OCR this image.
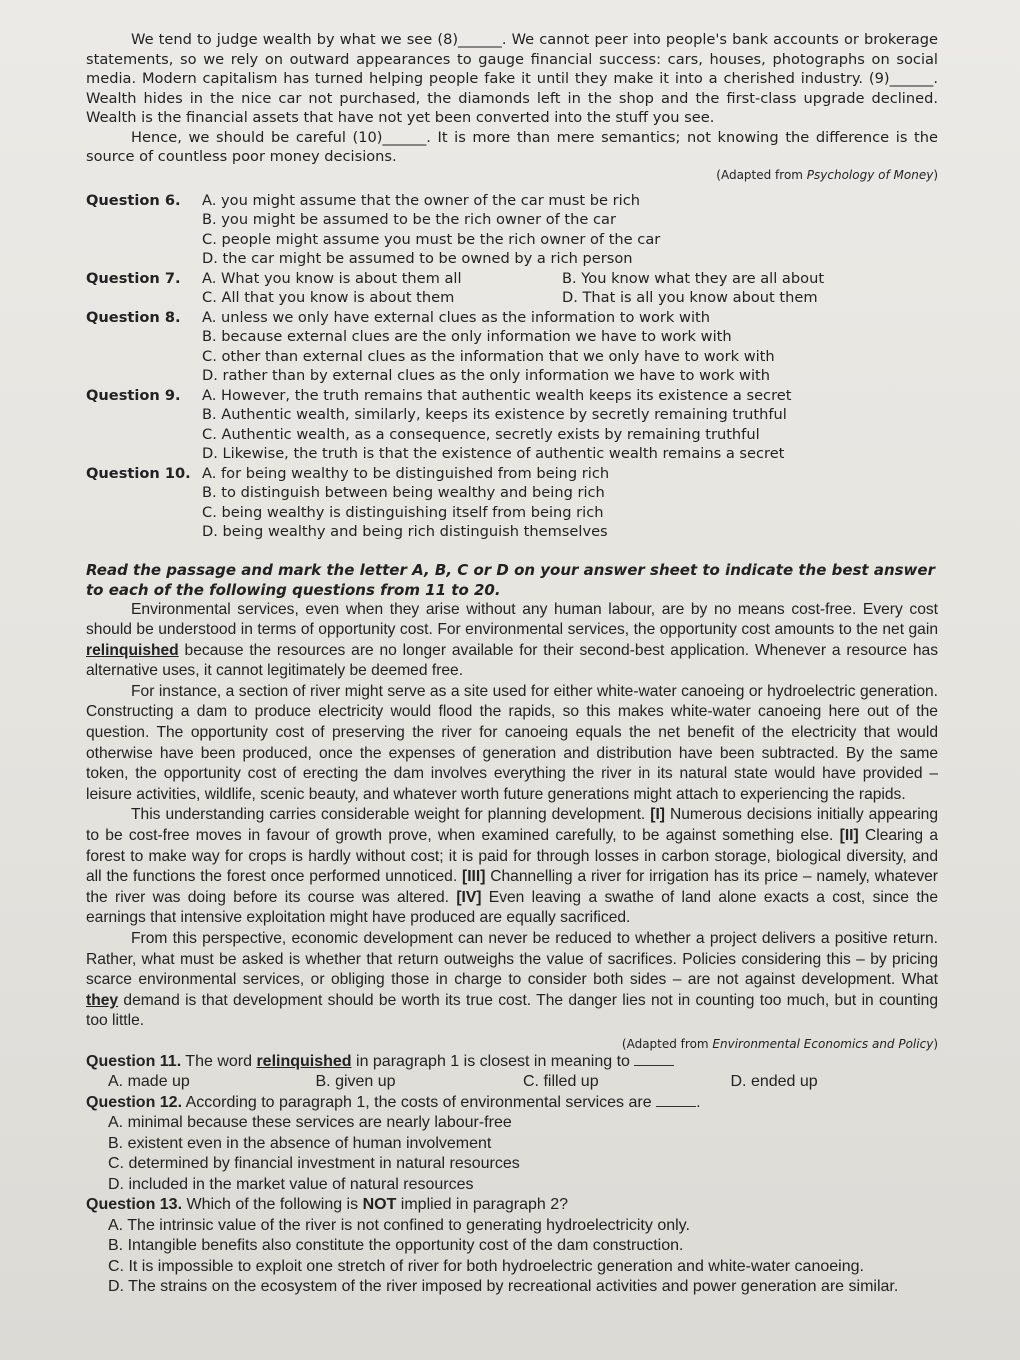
We tend to judge wealth by what we see (8)______. We cannot peer into people's bank accounts or brokerage statements, so we rely on outward appearances to gauge financial success: cars, houses, photographs on social media. Modern capitalism has turned helping people fake it until they make it into a cherished industry. (9)______. Wealth hides in the nice car not purchased, the diamonds left in the shop and the first-class upgrade declined. Wealth is the financial assets that have not yet been converted into the stuff you see.

Hence, we should be careful (10)______. It is more than mere semantics; not knowing the difference is the source of countless poor money decisions.

(Adapted from Psychology of Money)

Question 6.	A. you might assume that the owner of the car must be rich
B. you might be assumed to be the rich owner of the car
C. people might assume you must be the rich owner of the car
D. the car might be assumed to be owned by a rich person
Question 7.	A. What you know is about them all	B. You know what they are all about
C. All that you know is about them	D. That is all you know about them
Question 8.	A. unless we only have external clues as the information to work with
B. because external clues are the only information we have to work with
C. other than external clues as the information that we only have to work with
D. rather than by external clues as the only information we have to work with
Question 9.	A. However, the truth remains that authentic wealth keeps its existence a secret
B. Authentic wealth, similarly, keeps its existence by secretly remaining truthful
C. Authentic wealth, as a consequence, secretly exists by remaining truthful
D. Likewise, the truth is that the existence of authentic wealth remains a secret
Question 10. A. for being wealthy to be distinguished from being rich
B. to distinguish between being wealthy and being rich
C. being wealthy is distinguishing itself from being rich
D. being wealthy and being rich distinguish themselves

Read the passage and mark the letter A, B, C or D on your answer sheet to indicate the best answer to each of the following questions from 11 to 20.

Environmental services, even when they arise without any human labour, are by no means cost-free. Every cost should be understood in terms of opportunity cost. For environmental services, the opportunity cost amounts to the net gain relinquished because the resources are no longer available for their second-best application. Whenever a resource has alternative uses, it cannot legitimately be deemed free.

For instance, a section of river might serve as a site used for either white-water canoeing or hydroelectric generation. Constructing a dam to produce electricity would flood the rapids, so this makes white-water canoeing here out of the question. The opportunity cost of preserving the river for canoeing equals the net benefit of the electricity that would otherwise have been produced, once the expenses of generation and distribution have been subtracted. By the same token, the opportunity cost of erecting the dam involves everything the river in its natural state would have provided – leisure activities, wildlife, scenic beauty, and whatever worth future generations might attach to experiencing the rapids.

This understanding carries considerable weight for planning development. [I] Numerous decisions initially appearing to be cost-free moves in favour of growth prove, when examined carefully, to be against something else. [II] Clearing a forest to make way for crops is hardly without cost; it is paid for through losses in carbon storage, biological diversity, and all the functions the forest once performed unnoticed. [III] Channelling a river for irrigation has its price – namely, whatever the river was doing before its course was altered. [IV] Even leaving a swathe of land alone exacts a cost, since the earnings that intensive exploitation might have produced are equally sacrificed.

From this perspective, economic development can never be reduced to whether a project delivers a positive return. Rather, what must be asked is whether that return outweighs the value of sacrifices. Policies considering this – by pricing scarce environmental services, or obliging those in charge to consider both sides – are not against development. What they demand is that development should be worth its true cost. The danger lies not in counting too much, but in counting too little.

(Adapted from Environmental Economics and Policy)

Question 11. The word relinquished in paragraph 1 is closest in meaning to
A. made up	B. given up	C. filled up	D. ended up
Question 12. According to paragraph 1, the costs of environmental services are	.
A. minimal because these services are nearly labour-free
B. existent even in the absence of human involvement
C. determined by financial investment in natural resources
D. included in the market value of natural resources
Question 13. Which of the following is NOT implied in paragraph 2?
A. The intrinsic value of the river is not confined to generating hydroelectricity only.
B. Intangible benefits also constitute the opportunity cost of the dam construction.
C. It is impossible to exploit one stretch of river for both hydroelectric generation and white-water canoeing.
D. The strains on the ecosystem of the river imposed by recreational activities and power generation are similar.
